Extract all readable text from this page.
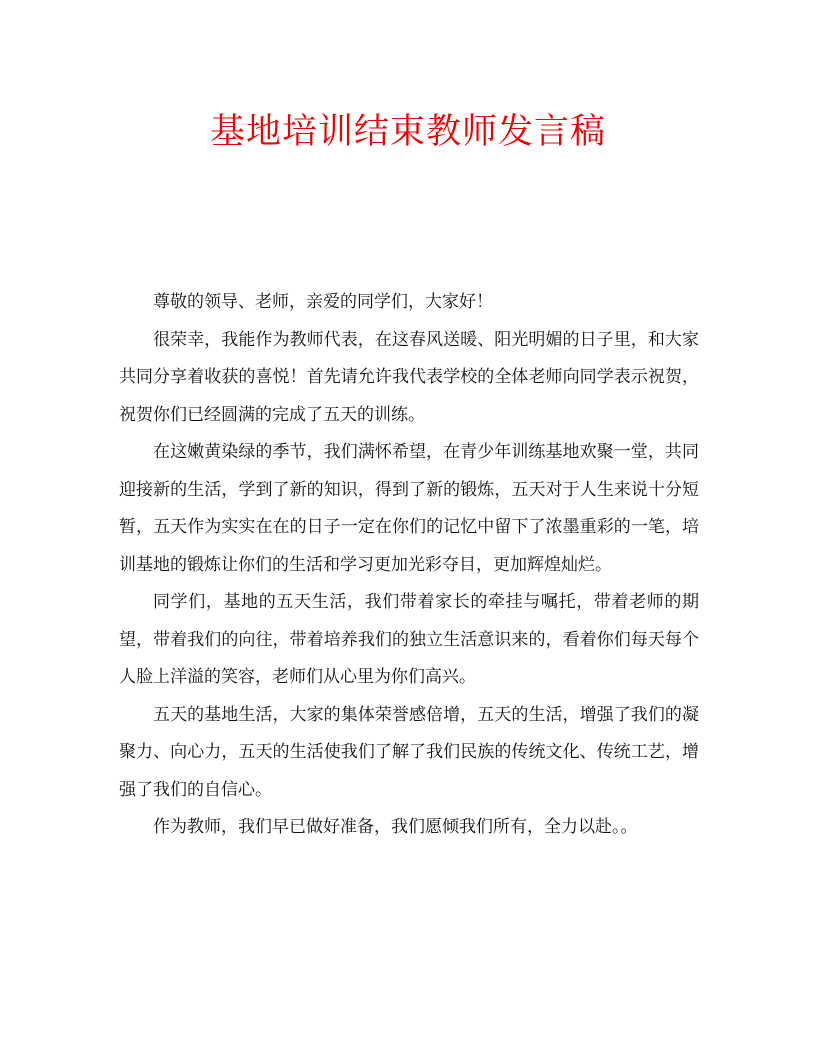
基地培训结束教师发言稿

尊敬的领导、老师，亲爱的同学们，大家好！

很荣幸，我能作为教师代表，在这春风送暖、阳光明媚的日子里，和大家共同分享着收获的喜悦！首先请允许我代表学校的全体老师向同学表示祝贺，祝贺你们已经圆满的完成了五天的训练。

在这嫩黄染绿的季节，我们满怀希望，在青少年训练基地欢聚一堂，共同迎接新的生活，学到了新的知识，得到了新的锻炼，五天对于人生来说十分短暂，五天作为实实在在的日子一定在你们的记忆中留下了浓墨重彩的一笔，培训基地的锻炼让你们的生活和学习更加光彩夺目，更加辉煌灿烂。

同学们，基地的五天生活，我们带着家长的牵挂与嘱托，带着老师的期望，带着我们的向往，带着培养我们的独立生活意识来的，看着你们每天每个人脸上洋溢的笑容，老师们从心里为你们高兴。

五天的基地生活，大家的集体荣誉感倍增，五天的生活，增强了我们的凝聚力、向心力，五天的生活使我们了解了我们民族的传统文化、传统工艺，增强了我们的自信心。

作为教师，我们早已做好准备，我们愿倾我们所有，全力以赴。。
